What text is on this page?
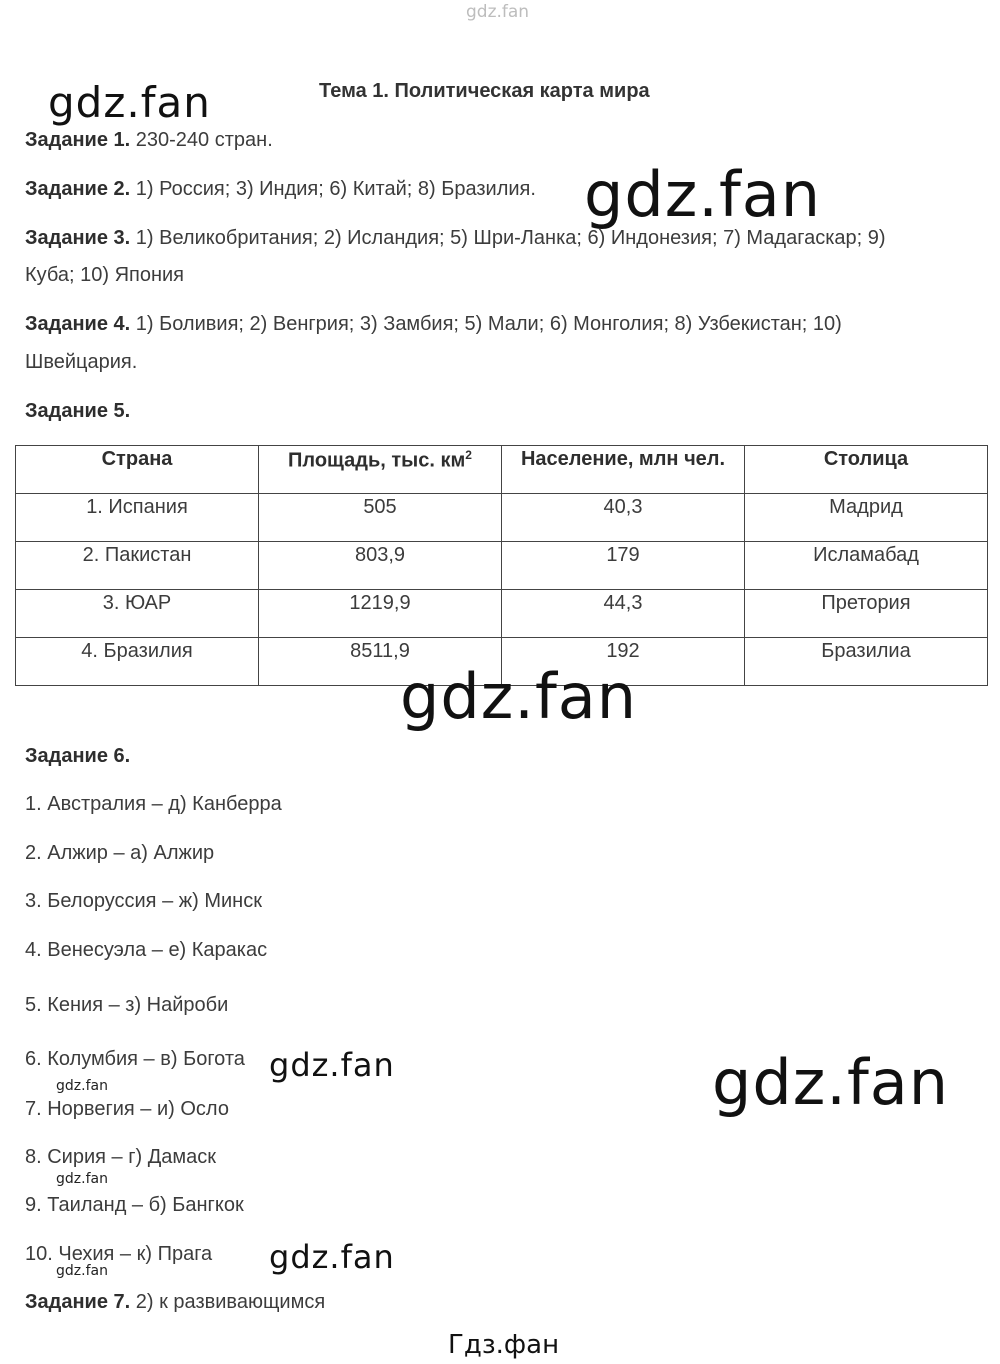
gdz.fan
gdz.fan
gdz.fan
Тема 1. Политическая карта мира
Задание 1. 230-240 стран.
Задание 2. 1) Россия; 3) Индия; 6) Китай; 8) Бразилия.
Задание 3. 1) Великобритания; 2) Исландия; 5) Шри-Ланка; 6) Индонезия; 7) Мадагаскар; 9)
Куба; 10) Япония
Задание 4. 1) Боливия; 2) Венгрия; 3) Замбия; 5) Мали; 6) Монголия; 8) Узбекистан; 10)
Швейцария.
Задание 5.
Страна	Площадь, тыс. $км^2$	Население, млн чел.	Столица
1. Испания	505	40,3	Мадрид
2. Пакистан	803,9	179	Исламабад
3. ЮАР	1219,9	44,3	Претория
4. Бразилия	8511,9	192	Бразилиа
gdz.fan
Задание 6.
1. Австралия – д) Канберра
2. Алжир – а) Алжир
3. Белоруссия – ж) Минск
4. Венесуэла – е) Каракас
5. Кения – з) Найроби
6. Колумбия – в) Богота
gdz.fan
7. Норвегия – и) Осло
8. Сирия – г) Дамаск
gdz.fan
9. Таиланд – б) Бангкок
10. Чехия – к) Прага
gdz.fan
gdz.fan	gdz.fan
gdz.fan
Задание 7. 2) к развивающимся
Гдз.фан
